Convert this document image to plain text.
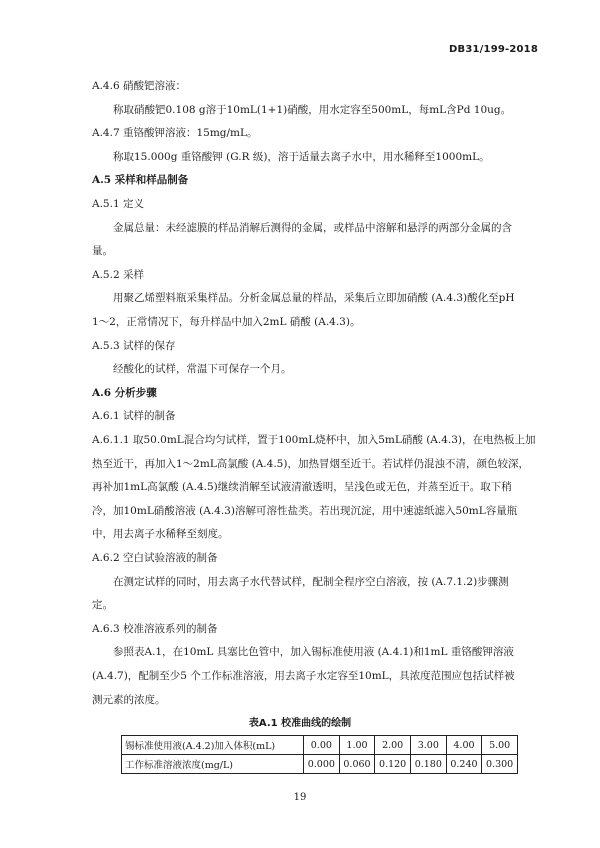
DB31/199-2018
A.4.6 硝酸钯溶液：
称取硝酸钯0.108 g溶于10mL(1+1)硝酸，用水定容至500mL，每mL含Pd 10ug。
A.4.7 重铬酸钾溶液：15mg/mL。
称取15.000g 重铬酸钾 (G.R 级)，溶于适量去离子水中，用水稀释至1000mL。
A.5 采样和样品制备
A.5.1 定义
金属总量：未经滤膜的样品消解后测得的金属，或样品中溶解和悬浮的两部分金属的含
量。
A.5.2 采样
用聚乙烯塑料瓶采集样品。分析金属总量的样品，采集后立即加硝酸 (A.4.3)酸化至pH
1～2，正常情况下，每升样品中加入2mL 硝酸 (A.4.3)。
A.5.3 试样的保存
经酸化的试样，常温下可保存一个月。
A.6 分析步骤
A.6.1 试样的制备
A.6.1.1 取50.0mL混合均匀试样，置于100mL烧杯中，加入5mL硝酸 (A.4.3)，在电热板上加
热至近干，再加入1～2mL高氯酸 (A.4.5)，加热冒烟至近干。若试样仍混浊不清，颜色较深，
再补加1mL高氯酸 (A.4.5)继续消解至试液清澈透明，呈浅色或无色，并蒸至近干。取下稍
冷，加10mL硝酸溶液 (A.4.3)溶解可溶性盐类。若出现沉淀，用中速滤纸滤入50mL容量瓶
中，用去离子水稀释至刻度。
A.6.2 空白试验溶液的制备
在测定试样的同时，用去离子水代替试样，配制全程序空白溶液，按 (A.7.1.2)步骤测
定。
A.6.3 校准溶液系列的制备
参照表A.1，在10mL 具塞比色管中，加入锡标准使用液 (A.4.1)和1mL 重铬酸钾溶液
(A.4.7)，配制至少5 个工作标准溶液，用去离子水定容至10mL，具浓度范围应包括试样被
测元素的浓度。
表A.1 校准曲线的绘制
锡标准使用液(A.4.2)加入体积(mL)	0.00	1.00	2.00	3.00	4.00	5.00
工作标准溶液浓度(mg/L)	0.000	0.060	0.120	0.180	0.240	0.300
19
